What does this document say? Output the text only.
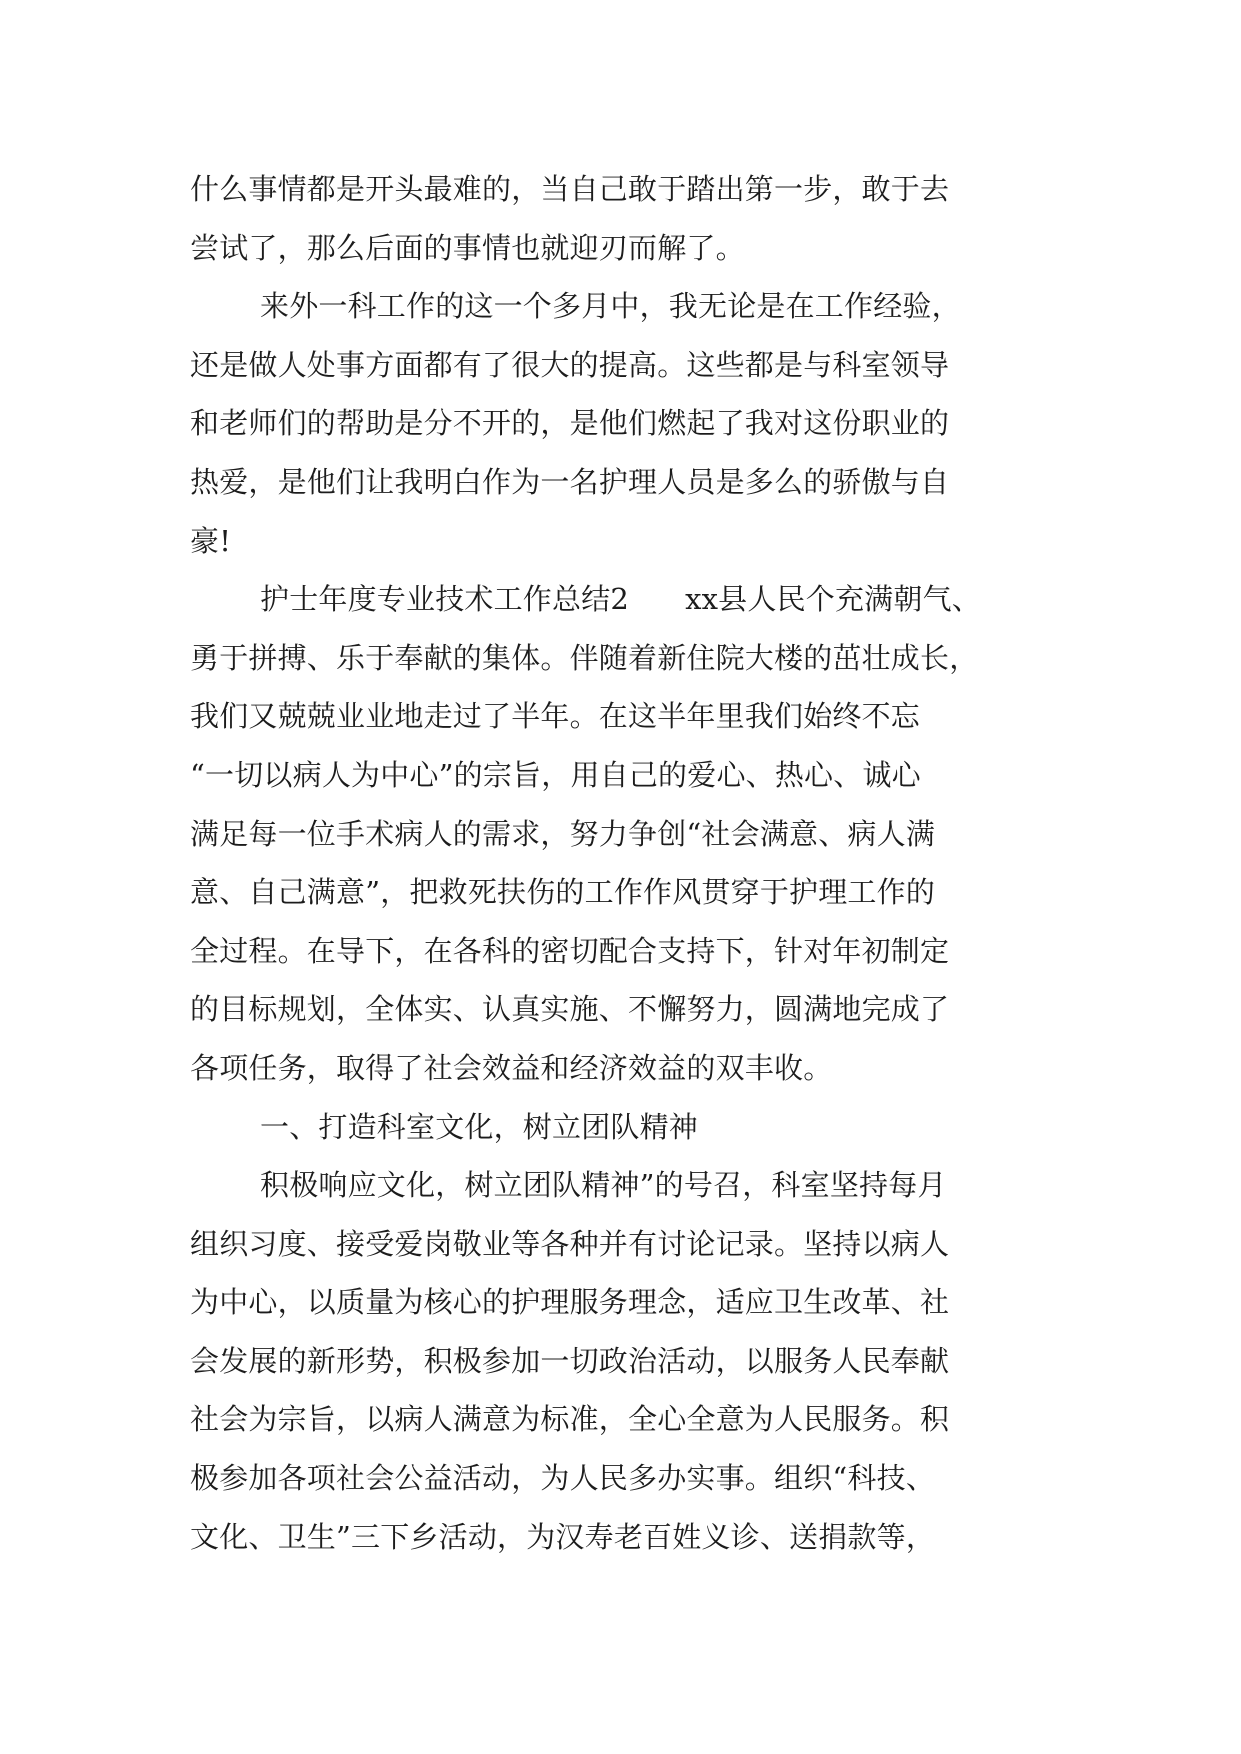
什么事情都是开头最难的，当自己敢于踏出第一步，敢于去
尝试了，那么后面的事情也就迎刃而解了。
来外一科工作的这一个多月中，我无论是在工作经验，
还是做人处事方面都有了很大的提高。这些都是与科室领导
和老师们的帮助是分不开的，是他们燃起了我对这份职业的
热爱，是他们让我明白作为一名护理人员是多么的骄傲与自
豪!
护士年度专业技术工作总结2 xx县人民个充满朝气、
勇于拼搏、乐于奉献的集体。伴随着新住院大楼的茁壮成长，
我们又兢兢业业地走过了半年。在这半年里我们始终不忘
“一切以病人为中心”的宗旨，用自己的爱心、热心、诚心
满足每一位手术病人的需求，努力争创“社会满意、病人满
意、自己满意”，把救死扶伤的工作作风贯穿于护理工作的
全过程。在导下，在各科的密切配合支持下，针对年初制定
的目标规划，全体实、认真实施、不懈努力，圆满地完成了
各项任务，取得了社会效益和经济效益的双丰收。
一、打造科室文化，树立团队精神
积极响应文化，树立团队精神”的号召，科室坚持每月
组织习度、接受爱岗敬业等各种并有讨论记录。坚持以病人
为中心，以质量为核心的护理服务理念，适应卫生改革、社
会发展的新形势，积极参加一切政治活动，以服务人民奉献
社会为宗旨，以病人满意为标准，全心全意为人民服务。积
极参加各项社会公益活动，为人民多办实事。组织“科技、
文化、卫生”三下乡活动，为汉寿老百姓义诊、送捐款等，
